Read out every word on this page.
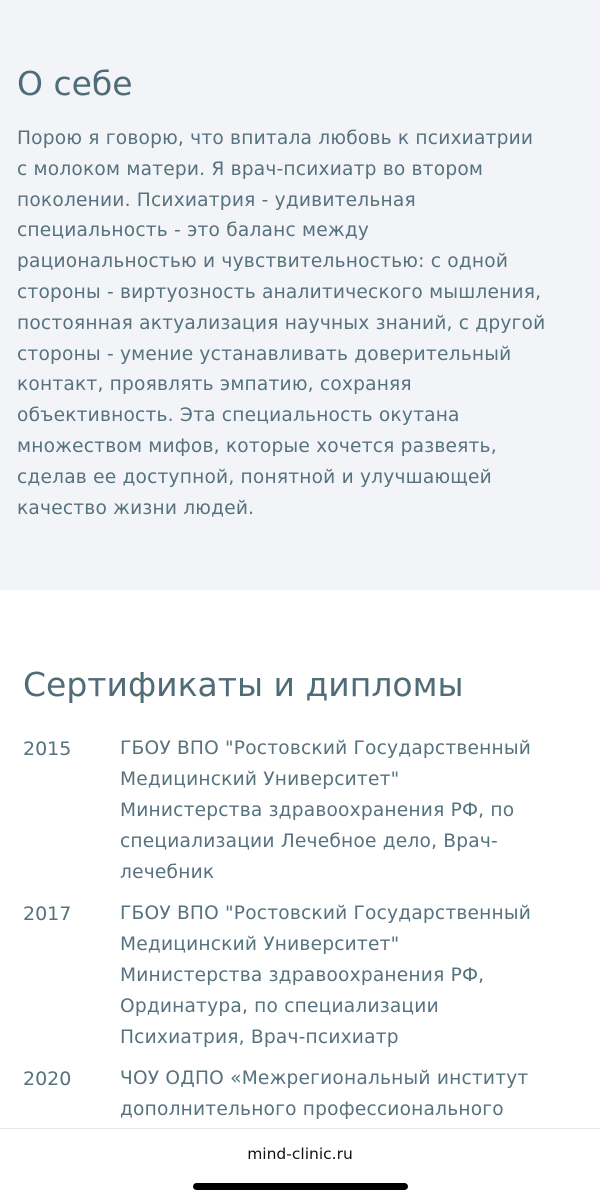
О себе
Порою я говорю, что впитала любовь к психиатрии
с молоком матери. Я врач-психиатр во втором
поколении. Психиатрия - удивительная
специальность - это баланс между
рациональностью и чувствительностью: с одной
стороны - виртуозность аналитического мышления,
постоянная актуализация научных знаний, с другой
стороны - умение устанавливать доверительный
контакт, проявлять эмпатию, сохраняя
объективность. Эта специальность окутана
множеством мифов, которые хочется развеять,
сделав ее доступной, понятной и улучшающей
качество жизни людей.
Сертификаты и дипломы
2015	ГБОУ ВПО "Ростовский Государственный
Медицинский Университет"
Министерства здравоохранения РФ, по
специализации Лечебное дело, Врач-
лечебник
2017	ГБОУ ВПО "Ростовский Государственный
Медицинский Университет"
Министерства здравоохранения РФ,
Ординатура, по специализации
Психиатрия, Врач-психиатр
2020	ЧОУ ОДПО «Межрегиональный институт
дополнительного профессионального
mind-clinic.ru
